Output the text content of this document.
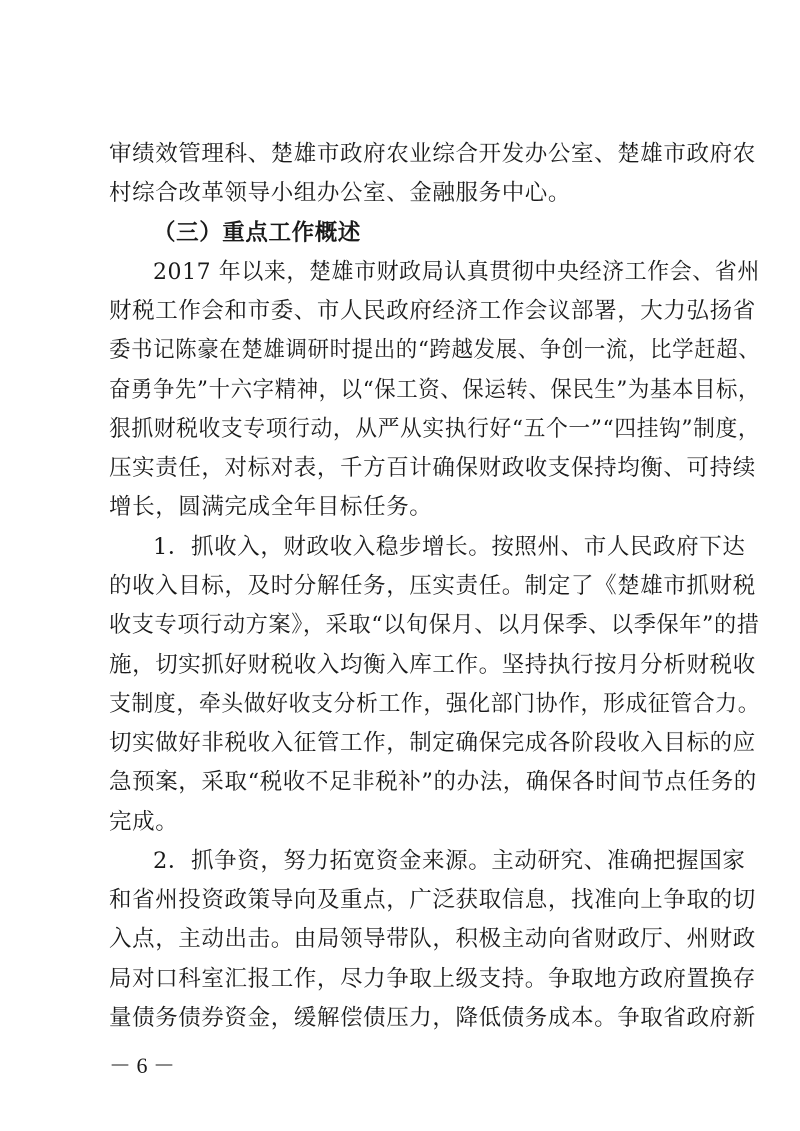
审绩效管理科、楚雄市政府农业综合开发办公室、楚雄市政府农
村综合改革领导小组办公室、金融服务中心。
（三）重点工作概述
2017 年以来，楚雄市财政局认真贯彻中央经济工作会、省州
财税工作会和市委、市人民政府经济工作会议部署，大力弘扬省
委书记陈豪在楚雄调研时提出的“跨越发展、争创一流，比学赶超、
奋勇争先”十六字精神，以“保工资、保运转、保民生”为基本目标，
狠抓财税收支专项行动，从严从实执行好“五个一”“四挂钩”制度，
压实责任，对标对表，千方百计确保财政收支保持均衡、可持续
增长，圆满完成全年目标任务。
1．抓收入，财政收入稳步增长。按照州、市人民政府下达
的收入目标，及时分解任务，压实责任。制定了《楚雄市抓财税
收支专项行动方案》，采取“以旬保月、以月保季、以季保年”的措
施，切实抓好财税收入均衡入库工作。坚持执行按月分析财税收
支制度，牵头做好收支分析工作，强化部门协作，形成征管合力。
切实做好非税收入征管工作，制定确保完成各阶段收入目标的应
急预案，采取“税收不足非税补”的办法，确保各时间节点任务的
完成。
2．抓争资，努力拓宽资金来源。主动研究、准确把握国家
和省州投资政策导向及重点，广泛获取信息，找准向上争取的切
入点，主动出击。由局领导带队，积极主动向省财政厅、州财政
局对口科室汇报工作，尽力争取上级支持。争取地方政府置换存
量债务债券资金，缓解偿债压力，降低债务成本。争取省政府新
－ 6 －
